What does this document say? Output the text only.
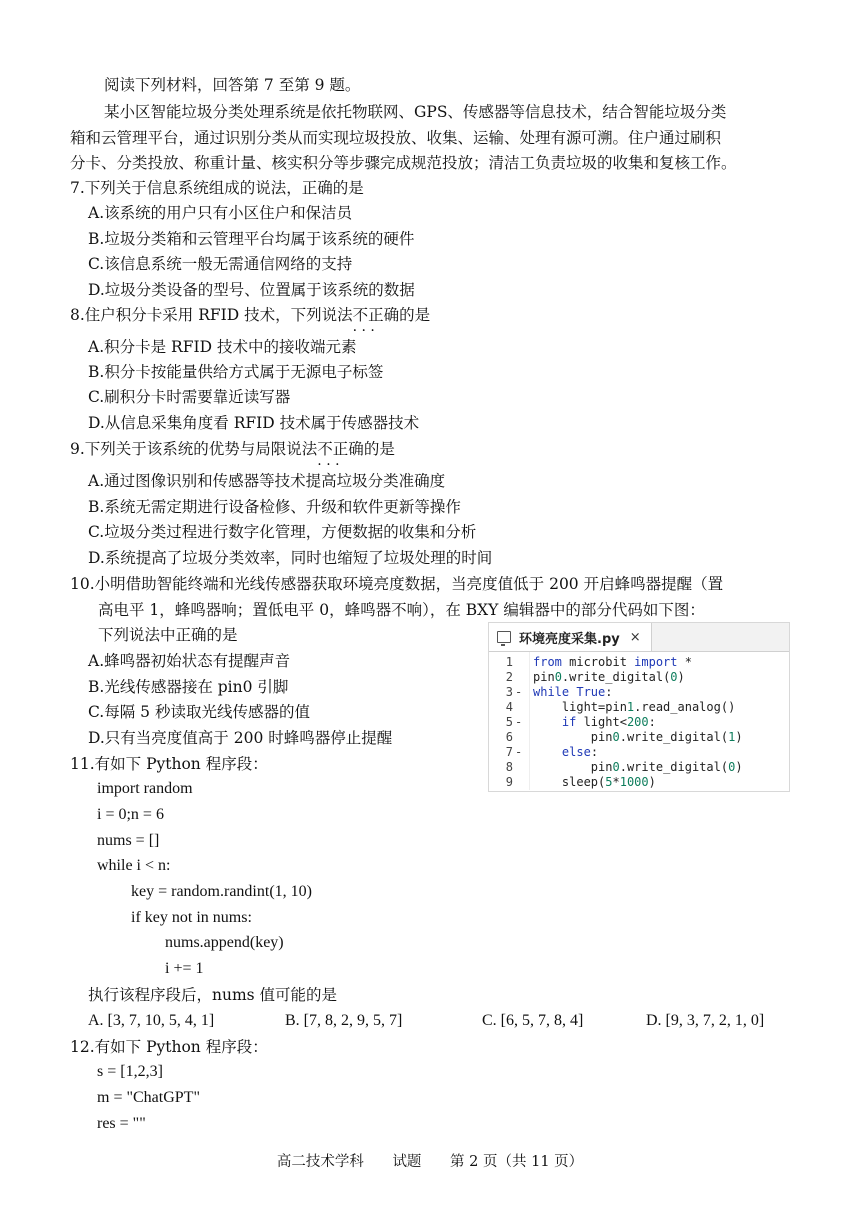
阅读下列材料，回答第 7 至第 9 题。
某小区智能垃圾分类处理系统是依托物联网、GPS、传感器等信息技术，结合智能垃圾分类
箱和云管理平台，通过识别分类从而实现垃圾投放、收集、运输、处理有源可溯。住户通过刷积
分卡、分类投放、称重计量、核实积分等步骤完成规范投放；清洁工负责垃圾的收集和复核工作。
7.下列关于信息系统组成的说法，正确的是
A.该系统的用户只有小区住户和保洁员
B.垃圾分类箱和云管理平台均属于该系统的硬件
C.该信息系统一般无需通信网络的支持
D.垃圾分类设备的型号、位置属于该系统的数据
8.住户积分卡采用 RFID 技术，下列说法不正确 · · ·的是
A.积分卡是 RFID 技术中的接收端元素
B.积分卡按能量供给方式属于无源电子标签
C.刷积分卡时需要靠近读写器
D.从信息采集角度看 RFID 技术属于传感器技术
9.下列关于该系统的优势与局限说法不正确 · · ·的是
A.通过图像识别和传感器等技术提高垃圾分类准确度
B.系统无需定期进行设备检修、升级和软件更新等操作
C.垃圾分类过程进行数字化管理，方便数据的收集和分析
D.系统提高了垃圾分类效率，同时也缩短了垃圾处理的时间
10.小明借助智能终端和光线传感器获取环境亮度数据，当亮度值低于 200 开启蜂鸣器提醒（置
高电平 1，蜂鸣器响；置低电平 0，蜂鸣器不响），在 BXY 编辑器中的部分代码如下图：
下列说法中正确的是
A.蜂鸣器初始状态有提醒声音
B.光线传感器接在 pin0 引脚
C.每隔 5 秒读取光线传感器的值
D.只有当亮度值高于 200 时蜂鸣器停止提醒
环境亮度采集.py ×
1 from microbit import *
2 pin0.write_digital(0)
3 - while True:
4 light=pin1.read_analog()
5 -	if light<200:
6 pin0.write_digital(1)
7 -	else:
8 pin0.write_digital(0)
9 sleep(5*1000)
11.有如下 Python 程序段：
import random
i = 0;n = 6
nums = []
while i < n:
key = random.randint(1, 10)
if key not in nums:
nums.append(key)
i += 1
执行该程序段后，nums 值可能的是
A. [3, 7, 10, 5, 4, 1]	B. [7, 8, 2, 9, 5, 7]	C. [6, 5, 7, 8, 4]	D. [9, 3, 7, 2, 1, 0]
12.有如下 Python 程序段：
s = [1,2,3]
m = "ChatGPT"
res = ""
高二技术学科 试题 第 2 页（共 11 页）
